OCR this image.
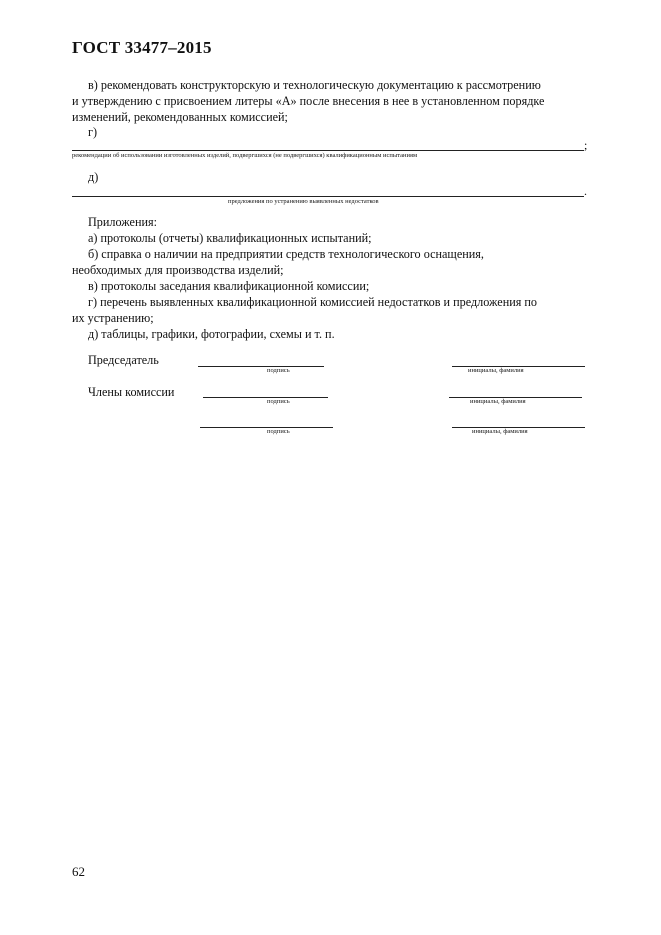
ГОСТ 33477–2015
в) рекомендовать конструкторскую и технологическую документацию к рассмотрению
и утверждению с присвоением литеры «А» после внесения в нее в установленном порядке
изменений, рекомендованных комиссией;
г)
;
рекомендации об использовании изготовленных изделий, подвергшихся (не подвергшихся) квалификационным испытаниям
д)
.
предложения по устранению выявленных недостатков
Приложения:
а) протоколы (отчеты) квалификационных испытаний;
б) справка о наличии на предприятии средств технологического оснащения,
необходимых для производства изделий;
в) протоколы заседания квалификационной комиссии;
г) перечень выявленных квалификационной комиссией недостатков и предложения по
их устранению;
д) таблицы, графики, фотографии, схемы и т. п.
Председатель
подпись	инициалы, фамилия
Члены комиссии
подпись	инициалы, фамилия
подпись	инициалы, фамилия
62
